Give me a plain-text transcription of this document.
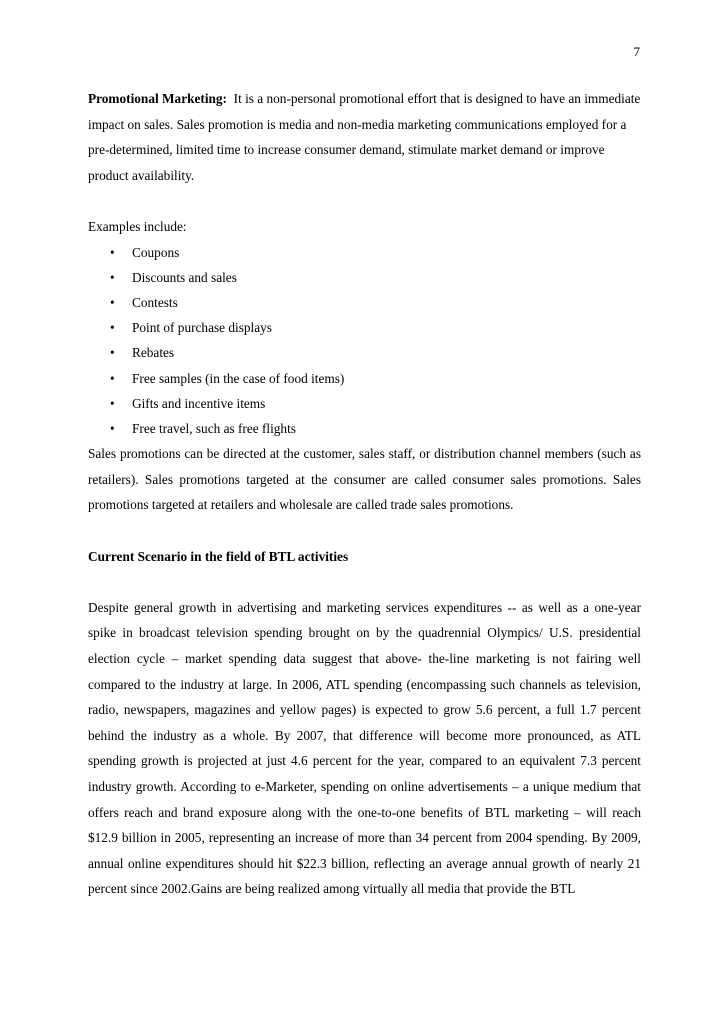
7

Promotional Marketing: It is a non-personal promotional effort that is designed to have an immediate impact on sales. Sales promotion is media and non-media marketing communications employed for a pre-determined, limited time to increase consumer demand, stimulate market demand or improve product availability.

Examples include:

• Coupons
• Discounts and sales
• Contests
• Point of purchase displays
• Rebates
• Free samples (in the case of food items)
• Gifts and incentive items
• Free travel, such as free flights

Sales promotions can be directed at the customer, sales staff, or distribution channel members (such as retailers). Sales promotions targeted at the consumer are called consumer sales promotions. Sales promotions targeted at retailers and wholesale are called trade sales promotions.

Current Scenario in the field of BTL activities

Despite general growth in advertising and marketing services expenditures -- as well as a one-year spike in broadcast television spending brought on by the quadrennial Olympics/ U.S. presidential election cycle – market spending data suggest that above- the-line marketing is not fairing well compared to the industry at large. In 2006, ATL spending (encompassing such channels as television, radio, newspapers, magazines and yellow pages) is expected to grow 5.6 percent, a full 1.7 percent behind the industry as a whole. By 2007, that difference will become more pronounced, as ATL spending growth is projected at just 4.6 percent for the year, compared to an equivalent 7.3 percent industry growth. According to e-Marketer, spending on online advertisements – a unique medium that offers reach and brand exposure along with the one-to-one benefits of BTL marketing – will reach $12.9 billion in 2005, representing an increase of more than 34 percent from 2004 spending. By 2009, annual online expenditures should hit $22.3 billion, reflecting an average annual growth of nearly 21 percent since 2002.Gains are being realized among virtually all media that provide the BTL
